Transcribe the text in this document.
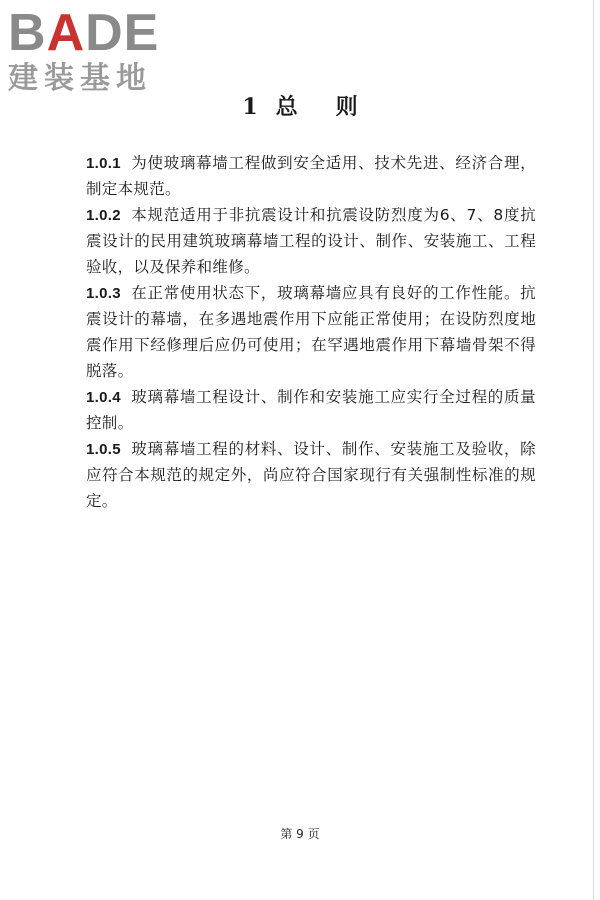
BADE
建装基地
1 总则

1.0.1 为使玻璃幕墙工程做到安全适用、技术先进、经济合理，制定本规范。

1.0.2 本规范适用于非抗震设计和抗震设防烈度为6、7、8度抗震设计的民用建筑玻璃幕墙工程的设计、制作、安装施工、工程验收，以及保养和维修。

1.0.3 在正常使用状态下，玻璃幕墙应具有良好的工作性能。抗震设计的幕墙，在多遇地震作用下应能正常使用；在设防烈度地震作用下经修理后应仍可使用；在罕遇地震作用下幕墙骨架不得脱落。

1.0.4 玻璃幕墙工程设计、制作和安装施工应实行全过程的质量控制。

1.0.5 玻璃幕墙工程的材料、设计、制作、安装施工及验收，除应符合本规范的规定外，尚应符合国家现行有关强制性标准的规定。

第 9 页
